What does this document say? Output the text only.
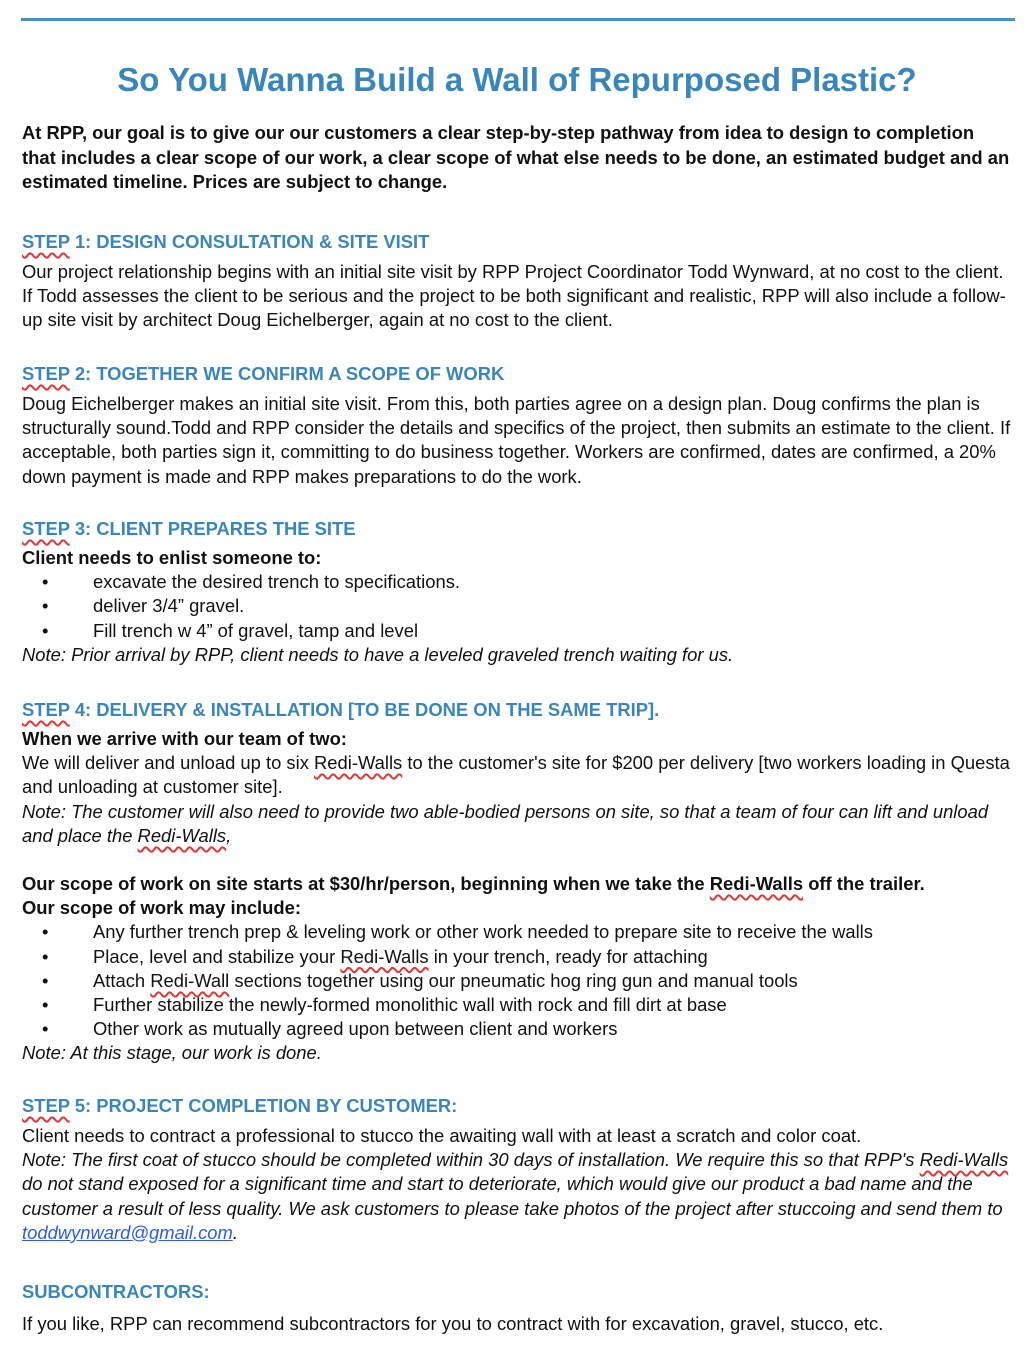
So You Wanna Build a Wall of Repurposed Plastic?

At RPP, our goal is to give our our customers a clear step-by-step pathway from idea to design to completion that includes a clear scope of our work, a clear scope of what else needs to be done, an estimated budget and an estimated timeline. Prices are subject to change.

STEP 1: DESIGN CONSULTATION & SITE VISIT

Our project relationship begins with an initial site visit by RPP Project Coordinator Todd Wynward, at no cost to the client. If Todd assesses the client to be serious and the project to be both significant and realistic, RPP will also include a follow-up site visit by architect Doug Eichelberger, again at no cost to the client.

STEP 2: TOGETHER WE CONFIRM A SCOPE OF WORK

Doug Eichelberger makes an initial site visit. From this, both parties agree on a design plan. Doug confirms the plan is structurally sound.Todd and RPP consider the details and specifics of the project, then submits an estimate to the client. If acceptable, both parties sign it, committing to do business together. Workers are confirmed, dates are confirmed, a 20% down payment is made and RPP makes preparations to do the work.

STEP 3: CLIENT PREPARES THE SITE

Client needs to enlist someone to:

• excavate the desired trench to specifications.
• deliver 3/4” gravel.
• Fill trench w 4” of gravel, tamp and level

Note: Prior arrival by RPP, client needs to have a leveled graveled trench waiting for us.

STEP 4: DELIVERY & INSTALLATION [TO BE DONE ON THE SAME TRIP].

When we arrive with our team of two:

We will deliver and unload up to six Redi-Walls to the customer's site for $200 per delivery [two workers loading in Questa and unloading at customer site].

Note: The customer will also need to provide two able-bodied persons on site, so that a team of four can lift and unload and place the Redi-Walls,

Our scope of work on site starts at $30/hr/person, beginning when we take the Redi-Walls off the trailer.

Our scope of work may include:

• Any further trench prep & leveling work or other work needed to prepare site to receive the walls
• Place, level and stabilize your Redi-Walls in your trench, ready for attaching
• Attach Redi-Wall sections together using our pneumatic hog ring gun and manual tools
• Further stabilize the newly-formed monolithic wall with rock and fill dirt at base
• Other work as mutually agreed upon between client and workers

Note: At this stage, our work is done.

STEP 5: PROJECT COMPLETION BY CUSTOMER:

Client needs to contract a professional to stucco the awaiting wall with at least a scratch and color coat.

Note: The first coat of stucco should be completed within 30 days of installation. We require this so that RPP's Redi-Walls do not stand exposed for a significant time and start to deteriorate, which would give our product a bad name and the customer a result of less quality. We ask customers to please take photos of the project after stuccoing and send them to toddwynward@gmail.com.

SUBCONTRACTORS:

If you like, RPP can recommend subcontractors for you to contract with for excavation, gravel, stucco, etc.
